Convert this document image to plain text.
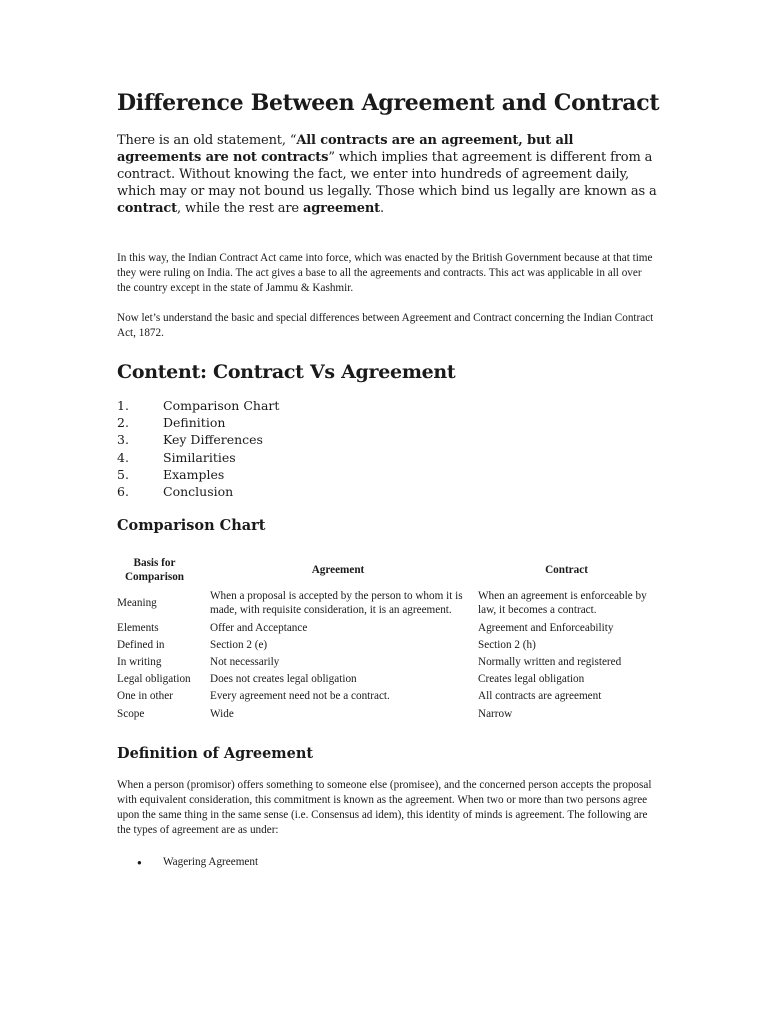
Difference Between Agreement and Contract

There is an old statement, “All contracts are an agreement, but all agreements are not contracts” which implies that agreement is different from a contract. Without knowing the fact, we enter into hundreds of agreement daily, which may or may not bound us legally. Those which bind us legally are known as a contract, while the rest are agreement.

In this way, the Indian Contract Act came into force, which was enacted by the British Government because at that time they were ruling on India. The act gives a base to all the agreements and contracts. This act was applicable in all over the country except in the state of Jammu & Kashmir.

Now let’s understand the basic and special differences between Agreement and Contract concerning the Indian Contract Act, 1872.

Content: Contract Vs Agreement
1.	Comparison Chart
2.	Definition
3.	Key Differences
4.	Similarities
5.	Examples
6.	Conclusion
Comparison Chart
Basis for Comparison	Agreement	Contract
Meaning	When a proposal is accepted by the person to whom it is made, with requisite consideration, it is an agreement.	When an agreement is enforceable by law, it becomes a contract.
Elements	Offer and Acceptance	Agreement and Enforceability
Defined in	Section 2 (e)	Section 2 (h)
In writing	Not necessarily	Normally written and registered
Legal obligation	Does not creates legal obligation	Creates legal obligation
One in other	Every agreement need not be a contract.	All contracts are agreement
Scope	Wide	Narrow
Definition of Agreement

When a person (promisor) offers something to someone else (promisee), and the concerned person accepts the proposal with equivalent consideration, this commitment is known as the agreement. When two or more than two persons agree upon the same thing in the same sense (i.e. Consensus ad idem), this identity of minds is agreement. The following are the types of agreement are as under:

●	Wagering Agreement
